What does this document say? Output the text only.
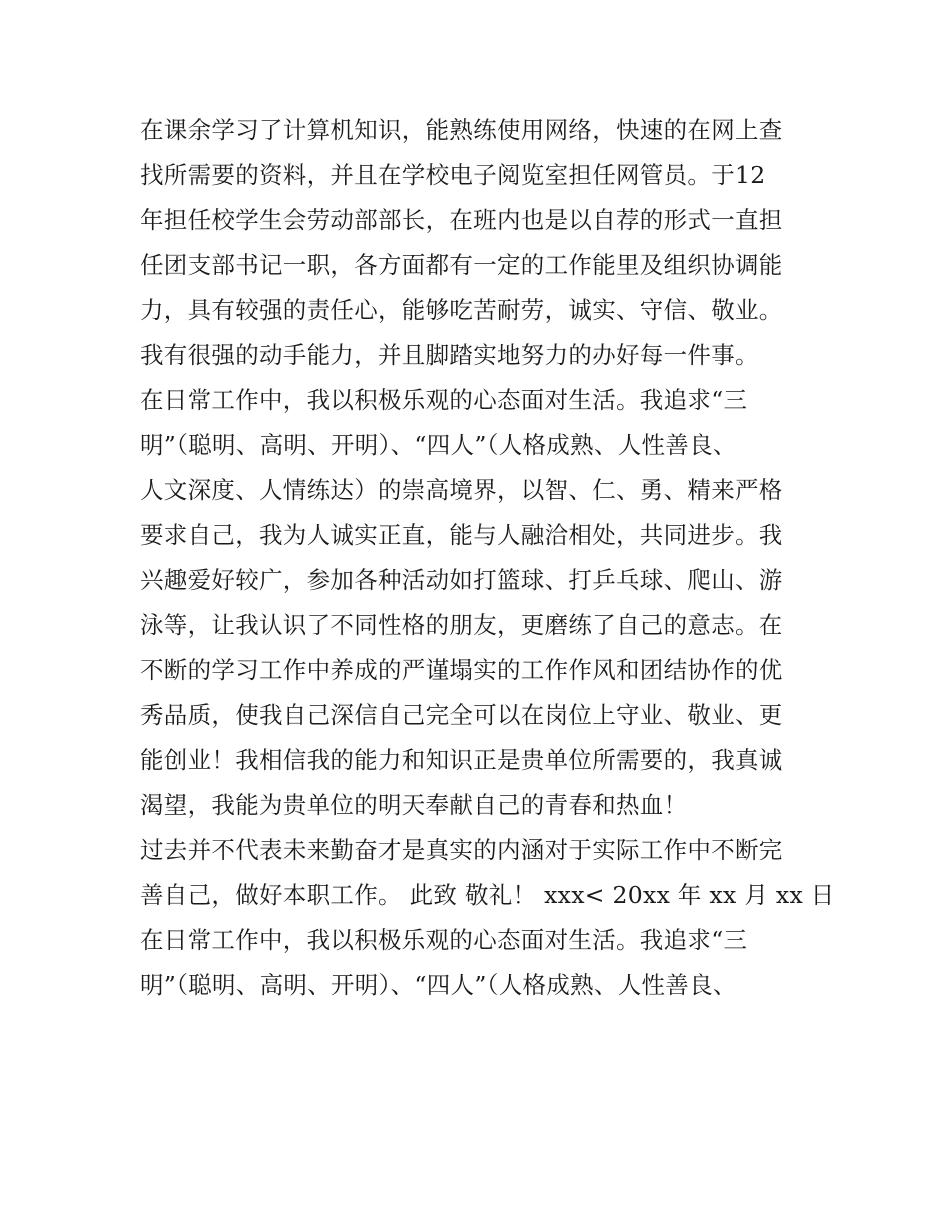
在课余学习了计算机知识，能熟练使用网络，快速的在网上查
找所需要的资料，并且在学校电子阅览室担任网管员。于12
年担任校学生会劳动部部长，在班内也是以自荐的形式一直担
任团支部书记一职，各方面都有一定的工作能里及组织协调能
力，具有较强的责任心，能够吃苦耐劳，诚实、守信、敬业。
我有很强的动手能力，并且脚踏实地努力的办好每一件事。
在日常工作中，我以积极乐观的心态面对生活。我追求“三
明”（聪明、高明、开明）、“四人”（人格成熟、人性善良、
人文深度、人情练达）的崇高境界，以智、仁、勇、精来严格
要求自己，我为人诚实正直，能与人融洽相处，共同进步。我
兴趣爱好较广，参加各种活动如打篮球、打乒乓球、爬山、游
泳等，让我认识了不同性格的朋友，更磨练了自己的意志。在
不断的学习工作中养成的严谨塌实的工作作风和团结协作的优
秀品质，使我自己深信自己完全可以在岗位上守业、敬业、更
能创业！我相信我的能力和知识正是贵单位所需要的，我真诚
渴望，我能为贵单位的明天奉献自己的青春和热血！
过去并不代表未来勤奋才是真实的内涵对于实际工作中不断完
善自己，做好本职工作。 此致 敬礼！ xxx< 20xx 年 xx 月 xx 日
在日常工作中，我以积极乐观的心态面对生活。我追求“三
明”（聪明、高明、开明）、“四人”（人格成熟、人性善良、
